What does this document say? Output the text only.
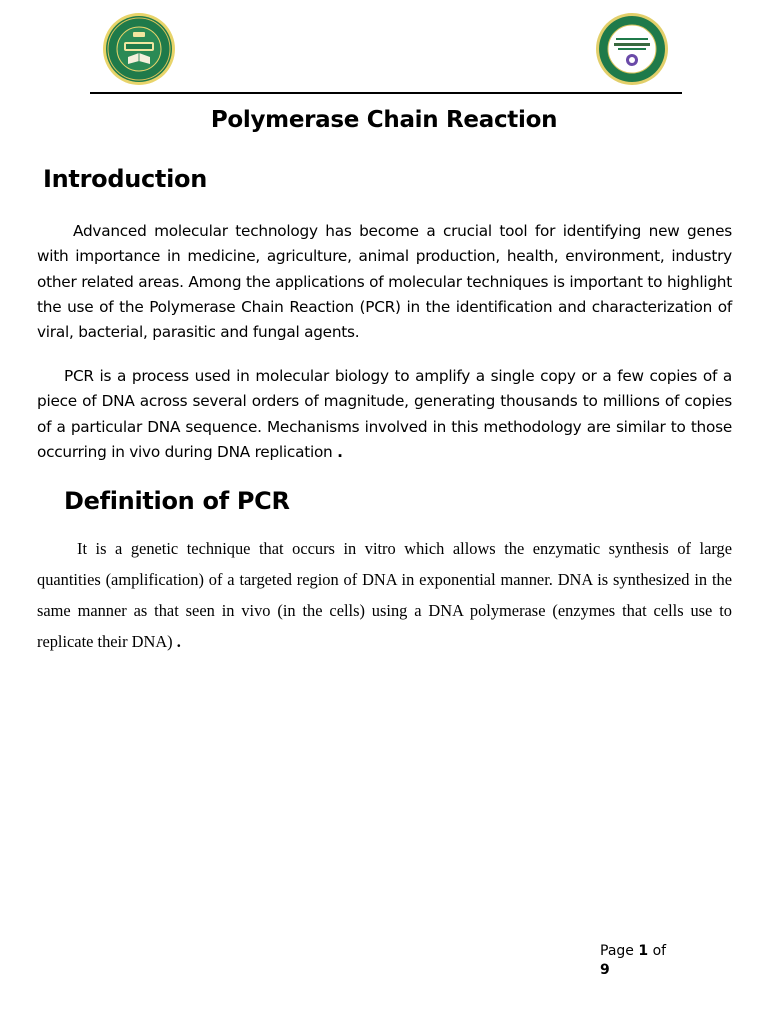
Polymerase Chain Reaction
Introduction

Advanced molecular technology has become a crucial tool for identifying new genes with importance in medicine, agriculture, animal production, health, environment, industry other related areas. Among the applications of molecular techniques is important to highlight the use of the Polymerase Chain Reaction (PCR) in the identification and characterization of viral, bacterial, parasitic and fungal agents.

PCR is a process used in molecular biology to amplify a single copy or a few copies of a piece of DNA across several orders of magnitude, generating thousands to millions of copies of a particular DNA sequence. Mechanisms involved in this methodology are similar to those occurring in vivo during DNA replication .

Definition of PCR

It is a genetic technique that occurs in vitro which allows the enzymatic synthesis of large quantities (amplification) of a targeted region of DNA in exponential manner. DNA is synthesized in the same manner as that seen in vivo (in the cells) using a DNA polymerase (enzymes that cells use to replicate their DNA) .

Page 1 of
9
